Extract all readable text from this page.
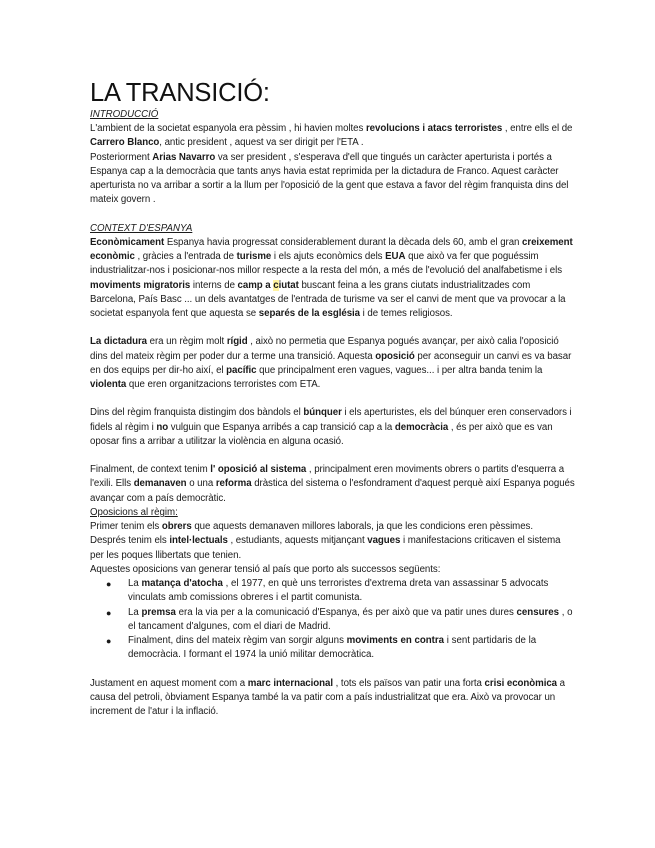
LA TRANSICIÓ:
INTRODUCCIÓ

L'ambient de la societat espanyola era pèssim , hi havien moltes revolucions i atacs terroristes , entre ells el de Carrero Blanco, antic president , aquest va ser dirigit per l'ETA .

Posteriorment Arias Navarro va ser president , s'esperava d'ell que tingués un caràcter aperturista i portés a Espanya cap a la democràcia que tants anys havia estat reprimida per la dictadura de Franco. Aquest caràcter aperturista no va arribar a sortir a la llum per l'oposició de la gent que estava a favor del règim franquista dins del mateix govern .

CONTEXT D'ESPANYA

Econòmicament Espanya havia progressat considerablement durant la dècada dels 60, amb el gran creixement econòmic , gràcies a l'entrada de turisme i els ajuts econòmics dels EUA que això va fer que poguéssim industrialitzar-nos i posicionar-nos millor respecte a la resta del món, a més de l'evolució del analfabetisme i els moviments migratoris interns de camp a ciutat buscant feina a les grans ciutats industrialitzades com Barcelona, País Basc ... un dels avantatges de l'entrada de turisme va ser el canvi de ment que va provocar a la societat espanyola fent que aquesta se separés de la església i de temes religiosos.

La dictadura era un règim molt rígid , això no permetia que Espanya pogués avançar, per això calia l'oposició dins del mateix règim per poder dur a terme una transició. Aquesta oposició per aconseguir un canvi es va basar en dos equips per dir-ho així, el pacífic que principalment eren vagues, vagues... i per altra banda tenim la violenta que eren organitzacions terroristes com ETA.

Dins del règim franquista distingim dos bàndols el búnquer i els aperturistes, els del búnquer eren conservadors i fidels al règim i no vulguin que Espanya arribés a cap transició cap a la democràcia , és per això que es van oposar fins a arribar a utilitzar la violència en alguna ocasió.

Finalment, de context tenim l' oposició al sistema , principalment eren moviments obrers o partits d'esquerra a l'exili. Ells demanaven o una reforma dràstica del sistema o l'esfondrament d'aquest perquè així Espanya pogués avançar com a país democràtic.

Oposicions al règim:

Primer tenim els obrers que aquests demanaven millores laborals, ja que les condicions eren pèssimes.

Després tenim els intel·lectuals , estudiants, aquests mitjançant vagues i manifestacions criticaven el sistema per les poques llibertats que tenien.

Aquestes oposicions van generar tensió al país que porto als successos següents:

● La matança d'atocha , el 1977, en què uns terroristes d'extrema dreta van assassinar 5 advocats vinculats amb comissions obreres i el partit comunista.
● La premsa era la via per a la comunicació d'Espanya, és per això que va patir unes dures censures , o el tancament d'algunes, com el diari de Madrid.
● Finalment, dins del mateix règim van sorgir alguns moviments en contra i sent partidaris de la democràcia. I formant el 1974 la unió militar democràtica.

Justament en aquest moment com a marc internacional , tots els països van patir una forta crisi econòmica a causa del petroli, òbviament Espanya també la va patir com a país industrialitzat que era. Això va provocar un increment de l'atur i la inflació.
